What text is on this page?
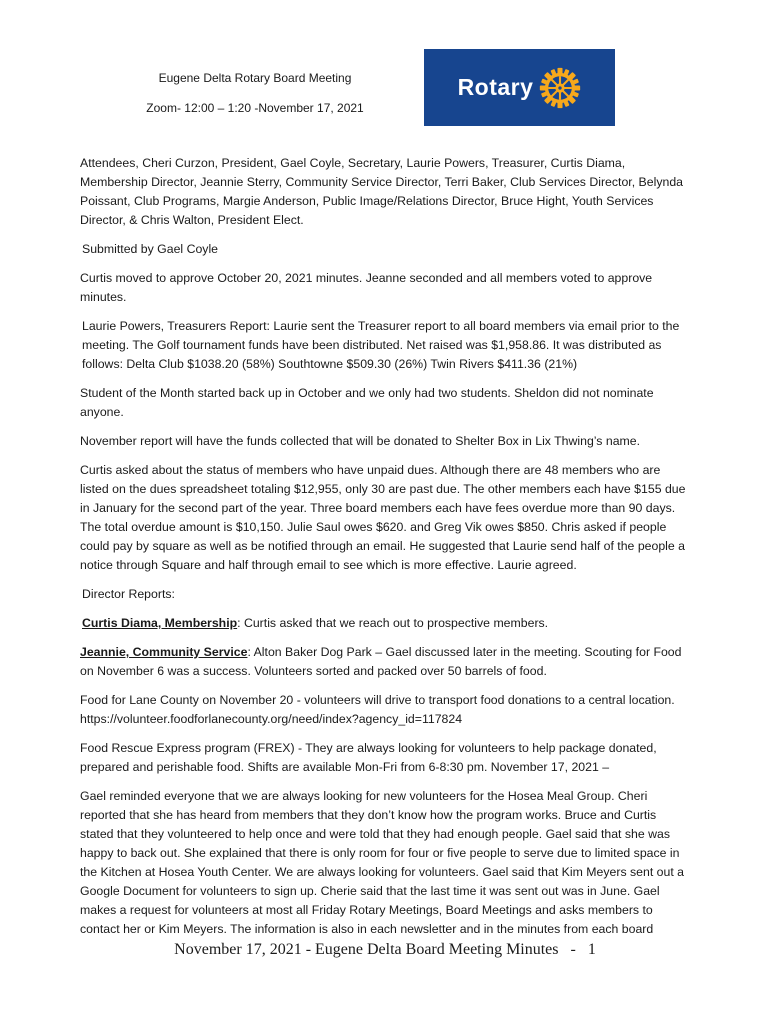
Eugene Delta Rotary Board Meeting
Zoom- 12:00 – 1:20 -November 17, 2021
Rotary

Attendees, Cheri Curzon, President, Gael Coyle, Secretary, Laurie Powers, Treasurer, Curtis Diama, Membership Director, Jeannie Sterry, Community Service Director, Terri Baker, Club Services Director, Belynda Poissant, Club Programs, Margie Anderson, Public Image/Relations Director, Bruce Hight, Youth Services Director, & Chris Walton, President Elect.

Submitted by Gael Coyle

Curtis moved to approve October 20, 2021 minutes. Jeanne seconded and all members voted to approve minutes.

Laurie Powers, Treasurers Report: Laurie sent the Treasurer report to all board members via email prior to the meeting. The Golf tournament funds have been distributed. Net raised was $1,958.86. It was distributed as follows: Delta Club $1038.20 (58%) Southtowne $509.30 (26%) Twin Rivers $411.36 (21%)

Student of the Month started back up in October and we only had two students. Sheldon did not nominate anyone.

November report will have the funds collected that will be donated to Shelter Box in Lix Thwing’s name.

Curtis asked about the status of members who have unpaid dues. Although there are 48 members who are listed on the dues spreadsheet totaling $12,955, only 30 are past due. The other members each have $155 due in January for the second part of the year. Three board members each have fees overdue more than 90 days. The total overdue amount is $10,150. Julie Saul owes $620. and Greg Vik owes $850. Chris asked if people could pay by square as well as be notified through an email. He suggested that Laurie send half of the people a notice through Square and half through email to see which is more effective. Laurie agreed.

Director Reports:

Curtis Diama, Membership: Curtis asked that we reach out to prospective members.

Jeannie, Community Service: Alton Baker Dog Park – Gael discussed later in the meeting. Scouting for Food on November 6 was a success. Volunteers sorted and packed over 50 barrels of food.

Food for Lane County on November 20 - volunteers will drive to transport food donations to a central location. https://volunteer.foodforlanecounty.org/need/index?agency_id=117824

Food Rescue Express program (FREX) - They are always looking for volunteers to help package donated, prepared and perishable food. Shifts are available Mon-Fri from 6-8:30 pm. November 17, 2021 –

Gael reminded everyone that we are always looking for new volunteers for the Hosea Meal Group. Cheri reported that she has heard from members that they don’t know how the program works. Bruce and Curtis stated that they volunteered to help once and were told that they had enough people. Gael said that she was happy to back out. She explained that there is only room for four or five people to serve due to limited space in the Kitchen at Hosea Youth Center. We are always looking for volunteers. Gael said that Kim Meyers sent out a Google Document for volunteers to sign up. Cherie said that the last time it was sent out was in June. Gael makes a request for volunteers at most all Friday Rotary Meetings, Board Meetings and asks members to contact her or Kim Meyers. The information is also in each newsletter and in the minutes from each board

November 17, 2021 - Eugene Delta Board Meeting Minutes - 1
